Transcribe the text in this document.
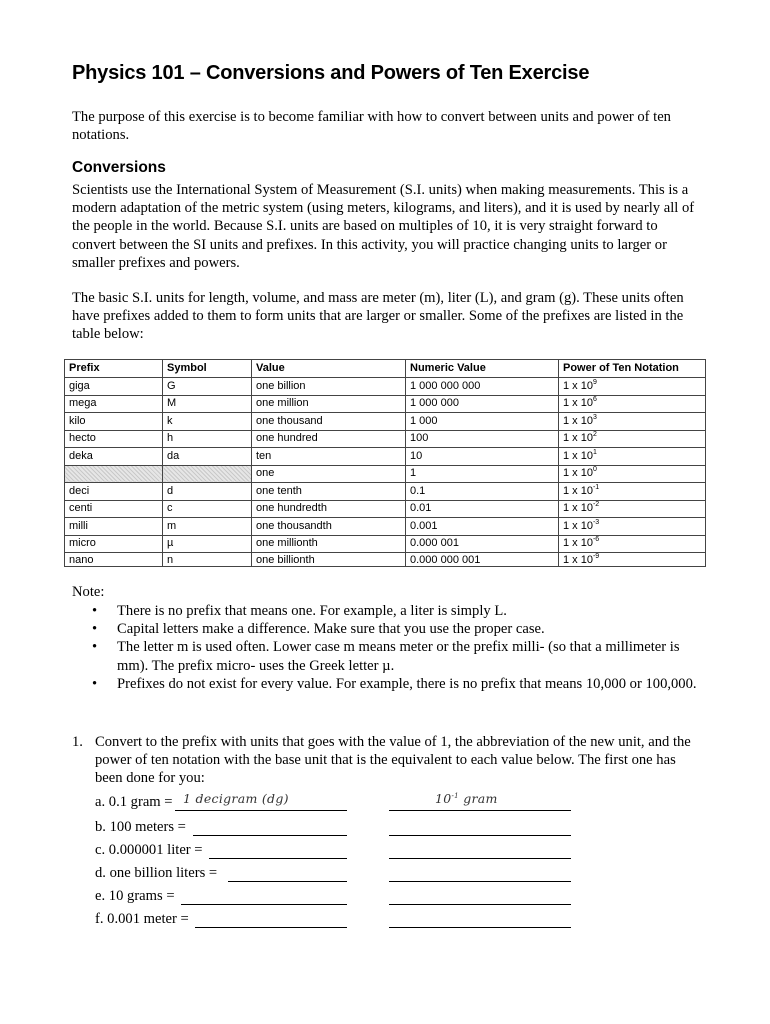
Physics 101 – Conversions and Powers of Ten Exercise

The purpose of this exercise is to become familiar with how to convert between units and power of ten notations.

Conversions

Scientists use the International System of Measurement (S.I. units) when making measurements. This is a modern adaptation of the metric system (using meters, kilograms, and liters), and it is used by nearly all of the people in the world. Because S.I. units are based on multiples of 10, it is very straight forward to convert between the SI units and prefixes. In this activity, you will practice changing units to larger or smaller prefixes and powers.

The basic S.I. units for length, volume, and mass are meter (m), liter (L), and gram (g). These units often have prefixes added to them to form units that are larger or smaller. Some of the prefixes are listed in the table below:

Prefix	Symbol	Value	Numeric Value	Power of Ten Notation
giga	G	one billion	1 000 000 000	1 x $10^9$
mega	M	one million	1 000 000	1 x $10^6$
kilo	k	one thousand	1 000	1 x $10^3$
hecto	h	one hundred	100	1 x $10^2$
deka	da	ten	10	1 x $10^1$
		one	1	1 x $10^0$
deci	d	one tenth	0.1	1 x $10^{-1}$
centi	c	one hundredth	0.01	1 x $10^{-2}$
milli	m	one thousandth	0.001	1 x $10^{-3}$
micro	µ	one millionth	0.000 001	1 x $10^{-6}$
nano	n	one billionth	0.000 000 001	1 x $10^{-9}$

Note:

• There is no prefix that means one. For example, a liter is simply L.
• Capital letters make a difference. Make sure that you use the proper case.
• The letter m is used often. Lower case m means meter or the prefix milli- (so that a millimeter is mm). The prefix micro- uses the Greek letter µ.
• Prefixes do not exist for every value. For example, there is no prefix that means 10,000 or 100,000.
1. Convert to the prefix with units that goes with the value of 1, the abbreviation of the new unit, and the power of ten notation with the base unit that is the equivalent to each value below. The first one has been done for you:
a. 0.1 gram = 1 decigram (dg)	$10^{-1}$ gram
b. 100 meters =
c. 0.000001 liter =
d. one billion liters =
e. 10 grams =
f. 0.001 meter =
